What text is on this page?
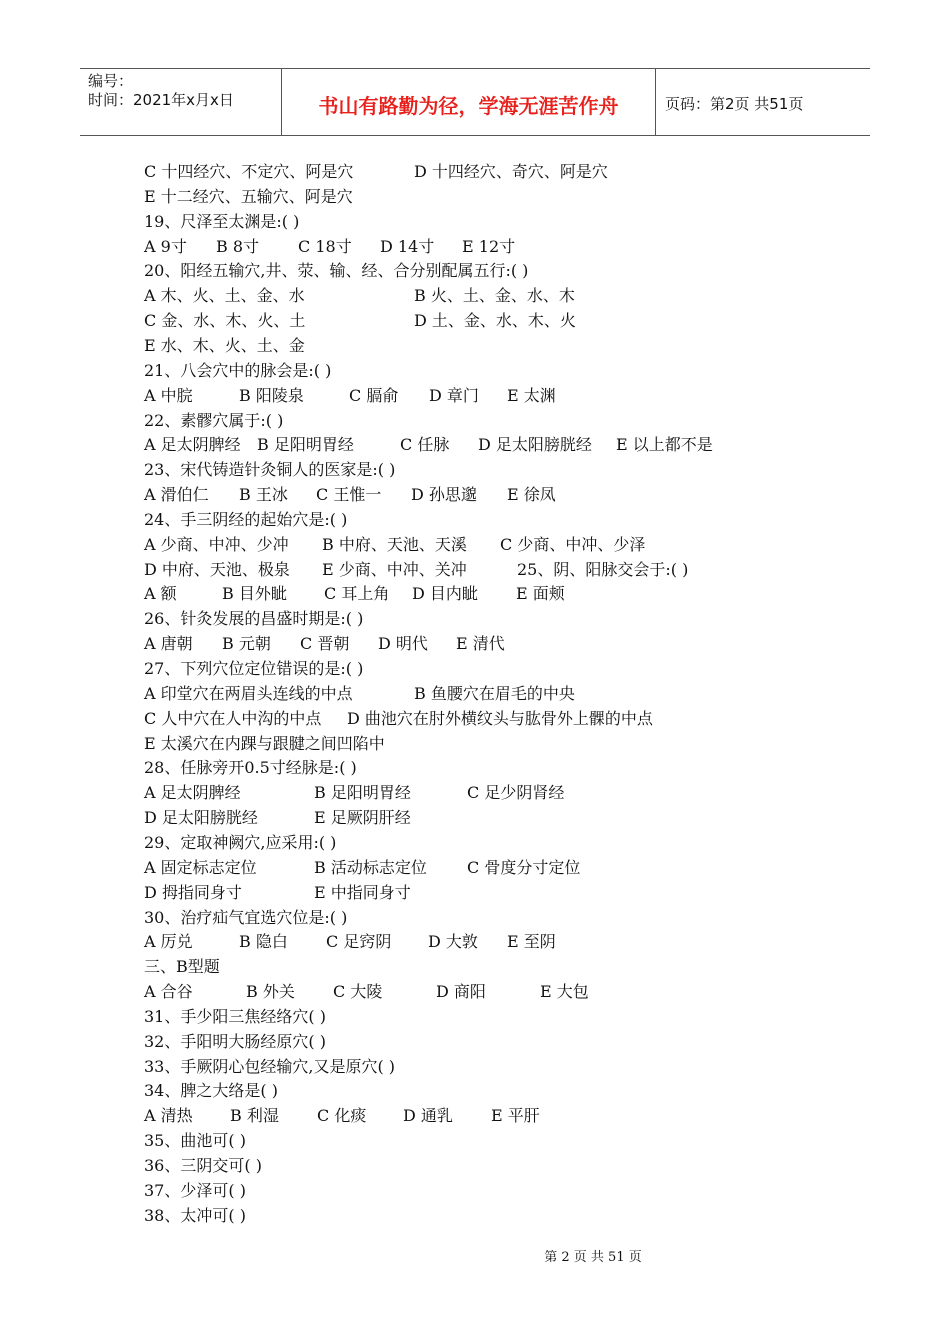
编号：
时间：2021年x月x日	书山有路勤为径，学海无涯苦作舟	页码：第2页 共51页
C 十四经穴、不定穴、阿是穴	D 十四经穴、奇穴、阿是穴
E 十二经穴、五输穴、阿是穴
19、尺泽至太渊是:( )
A 9寸 B 8寸 C 18寸 D 14寸 E 12寸
20、阳经五输穴,井、荥、输、经、合分别配属五行:( )
A 木、火、土、金、水	B 火、土、金、水、木
C 金、水、木、火、土	D 土、金、水、木、火
E 水、木、火、土、金
21、八会穴中的脉会是:( )
A 中脘	B 阳陵泉	C 膈俞 D 章门 E 太渊
22、素髎穴属于:( )
A 足太阴脾经 B 足阳明胃经	C 任脉 D 足太阳膀胱经 E 以上都不是
23、宋代铸造针灸铜人的医家是:( )
A 滑伯仁 B 王冰 C 王惟一 D 孙思邈 E 徐凤
24、手三阴经的起始穴是:( )
A 少商、中冲、少冲 B 中府、天池、天溪 C 少商、中冲、少泽
D 中府、天池、极泉 E 少商、中冲、关冲	25、阴、阳脉交会于:( )
A 额	B 目外眦 C 耳上角 D 目内眦 E 面颊
26、针灸发展的昌盛时期是:( )
A 唐朝 B 元朝 C 晋朝 D 明代 E 清代
27、下列穴位定位错误的是:( )
A 印堂穴在两眉头连线的中点	B 鱼腰穴在眉毛的中央
C 人中穴在人中沟的中点 D 曲池穴在肘外横纹头与肱骨外上髁的中点
E 太溪穴在内踝与跟腱之间凹陷中
28、任脉旁开0.5寸经脉是:( )
A 足太阴脾经	B 足阳明胃经	C 足少阴肾经
D 足太阳膀胱经	E 足厥阴肝经
29、定取神阙穴,应采用:( )
A 固定标志定位	B 活动标志定位	C 骨度分寸定位
D 拇指同身寸	E 中指同身寸
30、治疗疝气宜选穴位是:( )
A 厉兑	B 隐白 C 足窍阴 D 大敦 E 至阴
三、B型题
A 合谷	B 外关 C 大陵	D 商阳	E 大包
31、手少阳三焦经络穴( )
32、手阳明大肠经原穴( )
33、手厥阴心包经输穴,又是原穴( )
34、脾之大络是( )
A 清热 B 利湿 C 化痰 D 通乳 E 平肝
35、曲池可( )
36、三阴交可( )
37、少泽可( )
38、太冲可( )
第 2 页 共 51 页
